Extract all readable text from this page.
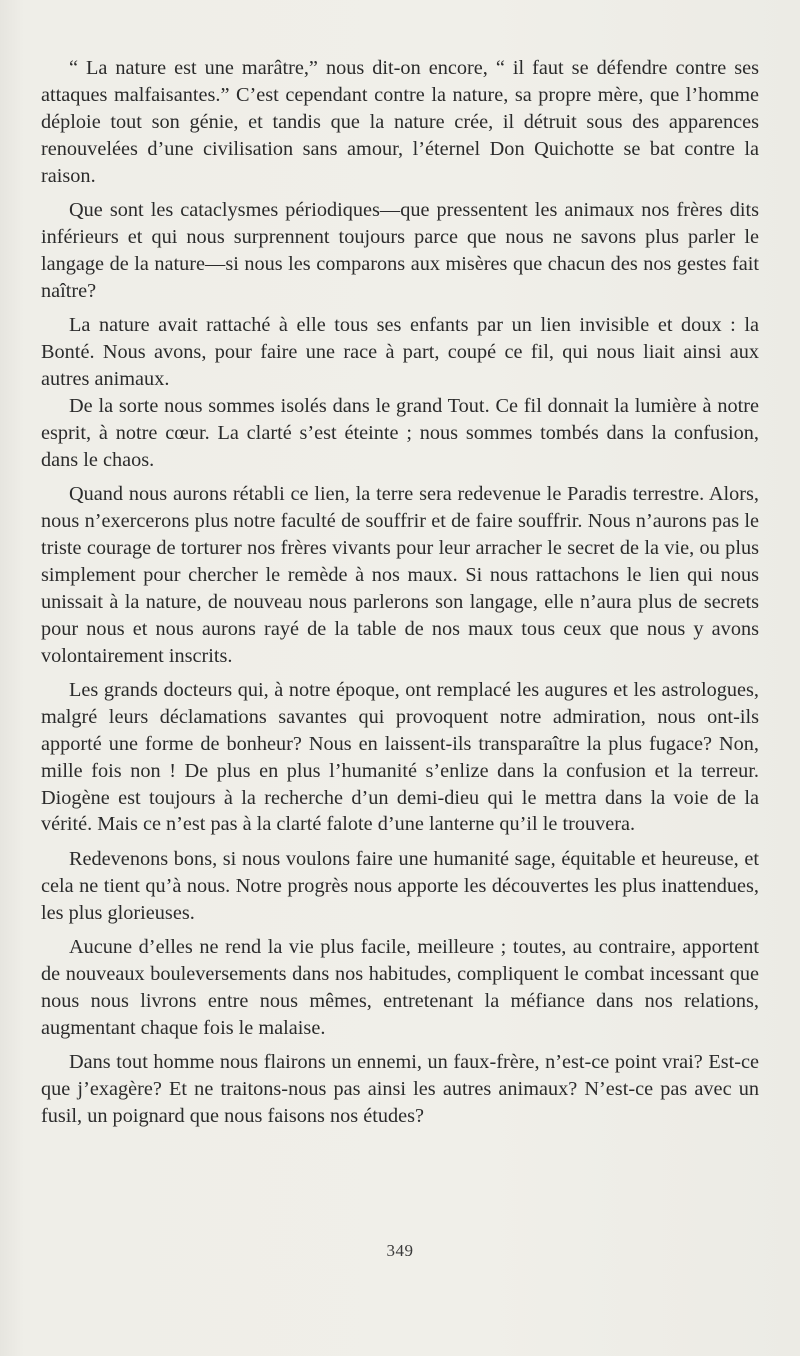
“ La nature est une marâtre,” nous dit-on encore, “ il faut se défendre contre ses attaques malfaisantes.” C’est cependant contre la nature, sa propre mère, que l’homme déploie tout son génie, et tandis que la nature crée, il détruit sous des apparences renouvelées d’une civilisation sans amour, l’éternel Don Quichotte se bat contre la raison.

Que sont les cataclysmes périodiques—que pressentent les animaux nos frères dits inférieurs et qui nous surprennent toujours parce que nous ne savons plus parler le langage de la nature—si nous les comparons aux misères que chacun des nos gestes fait naître?

La nature avait rattaché à elle tous ses enfants par un lien invisible et doux : la Bonté. Nous avons, pour faire une race à part, coupé ce fil, qui nous liait ainsi aux autres animaux.

De la sorte nous sommes isolés dans le grand Tout. Ce fil donnait la lumière à notre esprit, à notre cœur. La clarté s’est éteinte ; nous sommes tombés dans la confusion, dans le chaos.

Quand nous aurons rétabli ce lien, la terre sera redevenue le Paradis terrestre. Alors, nous n’exercerons plus notre faculté de souffrir et de faire souffrir. Nous n’aurons pas le triste courage de torturer nos frères vivants pour leur arracher le secret de la vie, ou plus simplement pour chercher le remède à nos maux. Si nous rattachons le lien qui nous unissait à la nature, de nouveau nous parlerons son langage, elle n’aura plus de secrets pour nous et nous aurons rayé de la table de nos maux tous ceux que nous y avons volontairement inscrits.

Les grands docteurs qui, à notre époque, ont remplacé les augures et les astrologues, malgré leurs déclamations savantes qui provoquent notre admiration, nous ont-ils apporté une forme de bonheur? Nous en laissent-ils transparaître la plus fugace? Non, mille fois non ! De plus en plus l’humanité s’enlize dans la confusion et la terreur. Diogène est toujours à la recherche d’un demi-dieu qui le mettra dans la voie de la vérité. Mais ce n’est pas à la clarté falote d’une lanterne qu’il le trouvera.

Redevenons bons, si nous voulons faire une humanité sage, équitable et heureuse, et cela ne tient qu’à nous. Notre progrès nous apporte les découvertes les plus inattendues, les plus glorieuses.

Aucune d’elles ne rend la vie plus facile, meilleure ; toutes, au contraire, apportent de nouveaux bouleversements dans nos habitudes, compliquent le combat incessant que nous nous livrons entre nous mêmes, entretenant la méfiance dans nos relations, augmentant chaque fois le malaise.

Dans tout homme nous flairons un ennemi, un faux-frère, n’est-ce point vrai? Est-ce que j’exagère? Et ne traitons-nous pas ainsi les autres animaux? N’est-ce pas avec un fusil, un poignard que nous faisons nos études?

349
